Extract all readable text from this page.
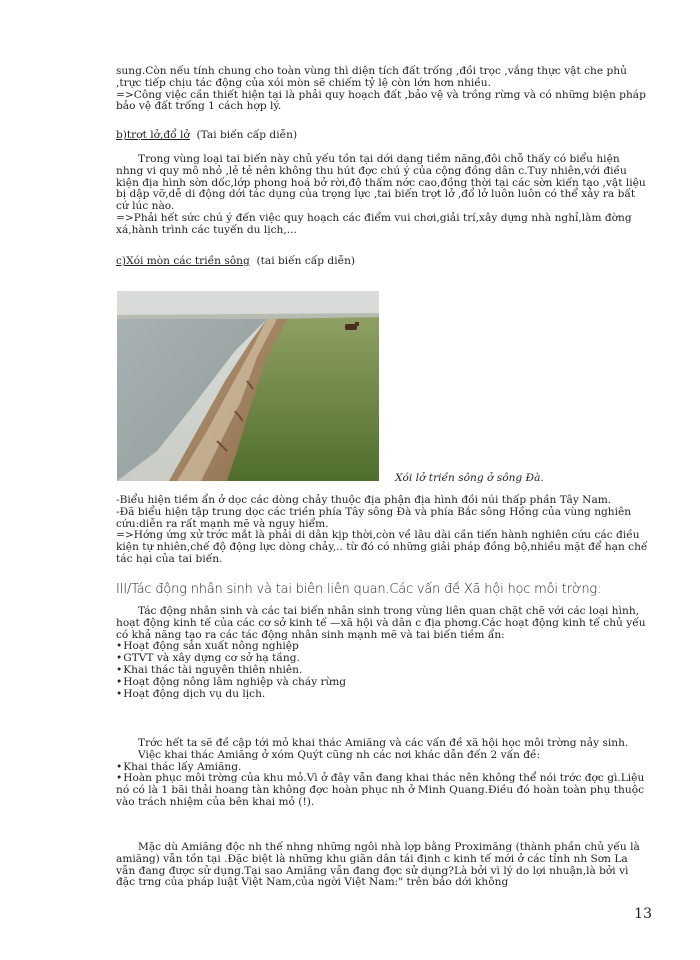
sung.Còn nếu tính chung cho toàn vùng thì diện tích đất trống ,đồi trọc ,vắng thực vật che phủ ,trực tiếp chịu tác động của xói mòn sẽ chiếm tỷ lệ còn lớn hơn nhiều.

=>Công việc cần thiết hiện tại là phải quy hoạch đất ,bảo vệ và trồng rừng và có những biện pháp bảo vệ đất trống 1 cách hợp lý.

b)trợt lở,đổ lở (Tai biến cấp diễn)

Trong vùng loại tai biến này chủ yếu tồn tại dới dạng tiềm năng,đôi chỗ thấy có biểu hiện nhng vi quy mô nhỏ ,lẻ tẻ nên không thu hút đợc chú ý của cộng đồng dân c.Tuy nhiên,với điều kiện địa hình sờn dốc,lớp phong hoá bở rời,độ thấm nớc cao,đồng thời tại các sờn kiến tạo ,vật liệu bị dập vỡ,dễ di động dới tác dụng của trọng lực ,tai biến trợt lở ,đổ lở luôn luôn có thể xảy ra bất cứ lúc nào.

=>Phải hết sức chú ý đến việc quy hoạch các điểm vui chơi,giải trí,xây dựng nhà nghỉ,làm đờng xá,hành trình các tuyến du lịch,...

c)Xói mòn các triền sông (tai biến cấp diễn)
Xói lở triền sông ở sông Đà.

-Biểu hiện tiềm ẩn ở dọc các dòng chảy thuộc địa phận địa hình đồi núi thấp phần Tây Nam.

-Đã biểu hiện tập trung dọc các triền phía Tây sông Đà và phía Bắc sông Hồng của vùng nghiên cứu:diễn ra rất mạnh mẽ và nguy hiểm.

=>Hớng ứng xử trớc mắt là phải di dân kịp thời,còn về lâu dài cần tiến hành nghiên cứu các điều kiện tự nhiên,chế độ động lực dòng chảy,.. từ đó có những giải pháp đồng bộ,nhiều mặt để hạn chế tác hại của tai biến.

III/Tác động nhân sinh và tai biên liên quan.Các vấn đề Xã hội học môi trờng:

Tác động nhân sinh và các tai biến nhân sinh trong vùng liên quan chặt chẽ với các loại hình, hoạt động kinh tế của các cơ sở kinh tế —xã hội và dân c địa phơng.Các hoạt động kinh tế chủ yếu có khả năng tạo ra các tác động nhân sinh mạnh mẽ và tai biến tiềm ẩn:

• Hoạt động sản xuất nông nghiệp
• GTVT và xây dựng cơ sở hạ tầng.
• Khai thác tài nguyên thiên nhiên.
• Hoạt động nông lâm nghiệp và cháy rừng
• Hoạt động dịch vụ du lịch.

Trớc hết ta sẽ đề cập tới mỏ khai thác Amiăng và các vấn đề xã hội học môi trờng nảy sinh.

Việc khai thác Amiăng ở xóm Quýt cũng nh các nơi khác dẫn đến 2 vấn đề:

• Khai thác lấy Amiăng.
• Hoàn phục môi trờng của khu mỏ.Vì ở đây vẫn đang khai thác nên không thể nói trớc đợc gì.Liệu nó có là 1 bãi thải hoang tàn không đợc hoàn phục nh ở Minh Quang.Điều đó hoàn toàn phụ thuộc vào trách nhiệm của bên khai mỏ (!).

Mặc dù Amiăng độc nh thế nhng những ngôi nhà lợp bằng Proximăng (thành phần chủ yếu là amiăng) vẫn tồn tại .Đặc biệt là những khu giãn dân tái định c kinh tế mới ở các tỉnh nh Sơn La vẫn đang được sử dụng.Tại sao Amiăng vẫn đang đợc sử dụng?Là bởi vì lý do lợi nhuận,là bởi vì đặc trng của pháp luật Việt Nam,của ngời Việt Nam:" trên bảo dới không

13
